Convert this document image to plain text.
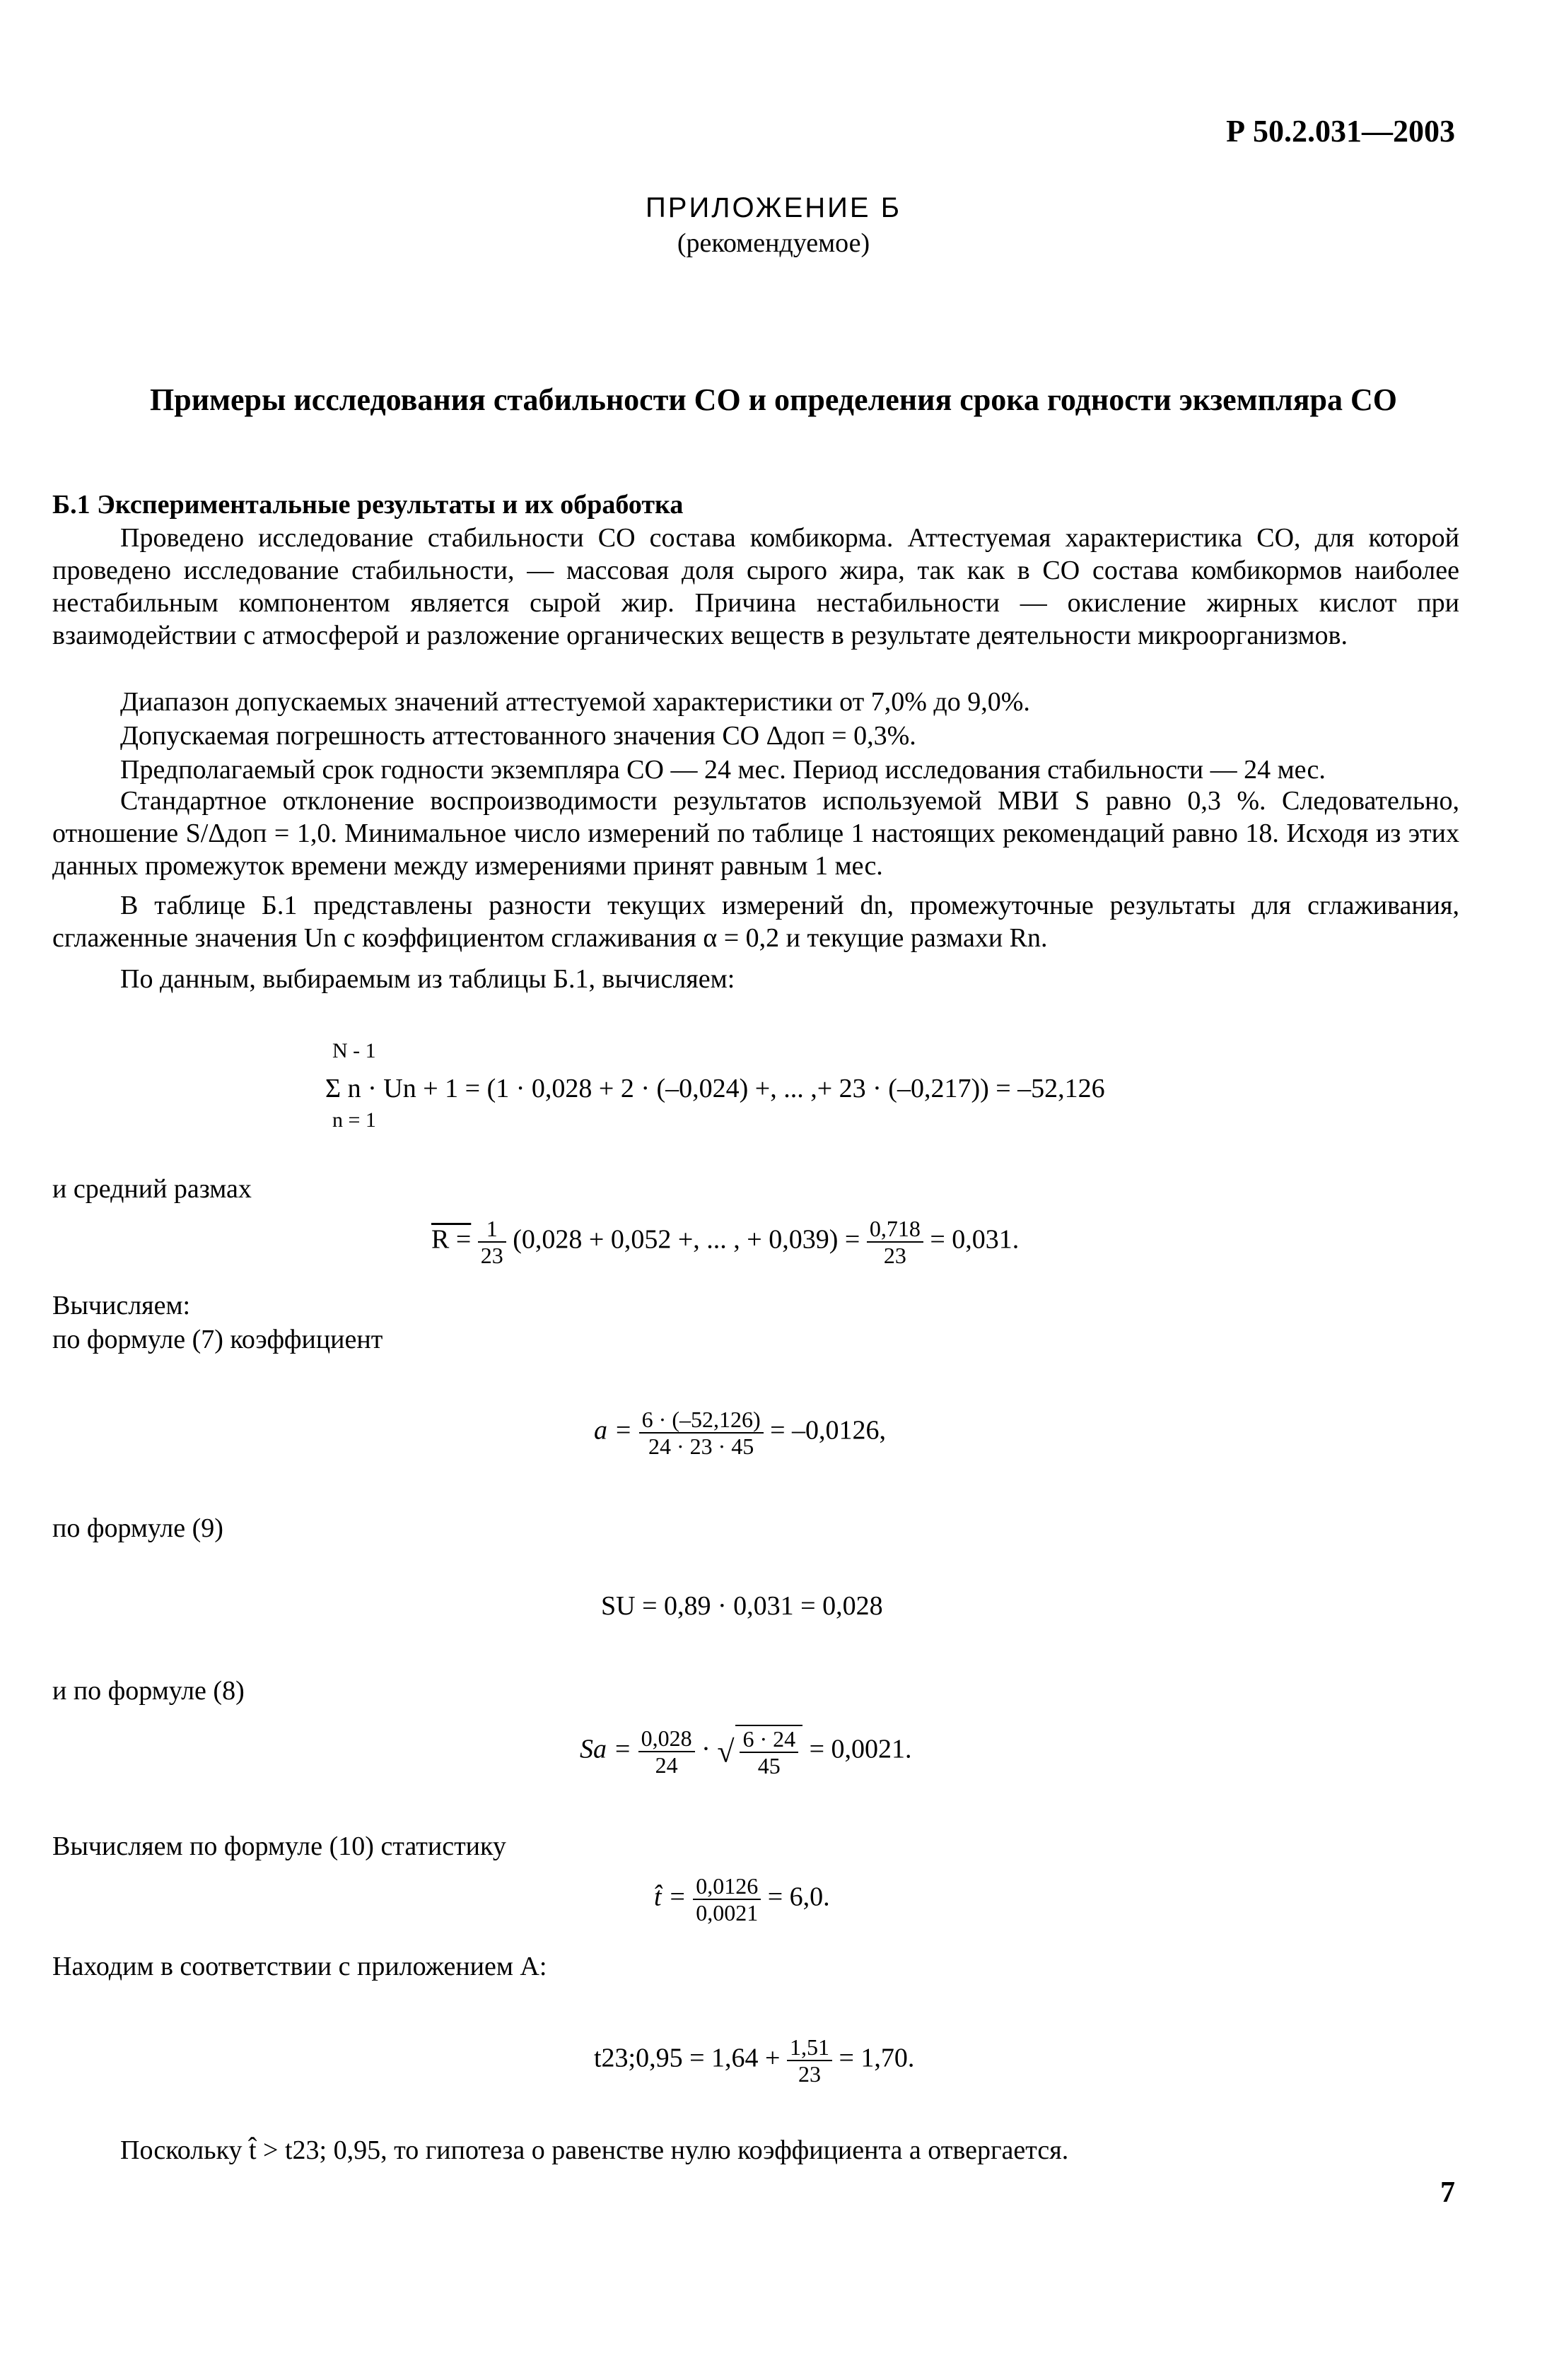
Р 50.2.031—2003
ПРИЛОЖЕНИЕ Б
(рекомендуемое)
Примеры исследования стабильности СО и определения срока годности экземпляра СО
Б.1 Экспериментальные результаты и их обработка
Проведено исследование стабильности СО состава комбикорма. Аттестуемая характеристика СО, для которой проведено исследование стабильности, — массовая доля сырого жира, так как в СО состава комбикормов наиболее нестабильным компонентом является сырой жир. Причина нестабильности — окисление жирных кислот при взаимодействии с атмосферой и разложение органических веществ в результате деятельности микроорганизмов.
Диапазон допускаемых значений аттестуемой характеристики от 7,0% до 9,0%.
Допускаемая погрешность аттестованного значения СО Δдоп = 0,3%.
Предполагаемый срок годности экземпляра СО — 24 мес. Период исследования стабильности — 24 мес.
Стандартное отклонение воспроизводимости результатов используемой МВИ S равно 0,3 %. Следовательно, отношение S/Δдоп = 1,0. Минимальное число измерений по таблице 1 настоящих рекомендаций равно 18. Исходя из этих данных промежуток времени между измерениями принят равным 1 мес.
В таблице Б.1 представлены разности текущих измерений dn, промежуточные результаты для сглаживания, сглаженные значения Un с коэффициентом сглаживания α = 0,2 и текущие размахи Rn.
По данным, выбираемым из таблицы Б.1, вычисляем:
N - 1
Σ n · Un + 1 = (1 · 0,028 + 2 · (–0,024) +, ... ,+ 23 · (–0,217)) = –52,126
n = 1
и средний размах
$R = \frac{1}{23} (0,028 + 0,052$ +, ... , + $0,039) = \frac{0,718}{23} = 0,031$.
Вычисляем:
по формуле (7) коэффициент
$a = \frac{6 \cdot (-52,126)}{24 \cdot 23 \cdot 45} = -0,0126$,
по формуле (9)
SU = 0,89 · 0,031 = 0,028
и по формуле (8)
$Sa = \frac{0,028}{24}$ · √ $\frac{6 \cdot 24}{45} = 0,0021$.
Вычисляем по формуле (10) статистику
t̂ = $\frac{0,0126}{0,0021} = 6,0$.
Находим в соответствии с приложением А:
t23;0,95 = $1,64 + \frac{1,51}{23} = 1,70$.
Поскольку t̂ > t23; 0,95, то гипотеза о равенстве нулю коэффициента a отвергается.
7
